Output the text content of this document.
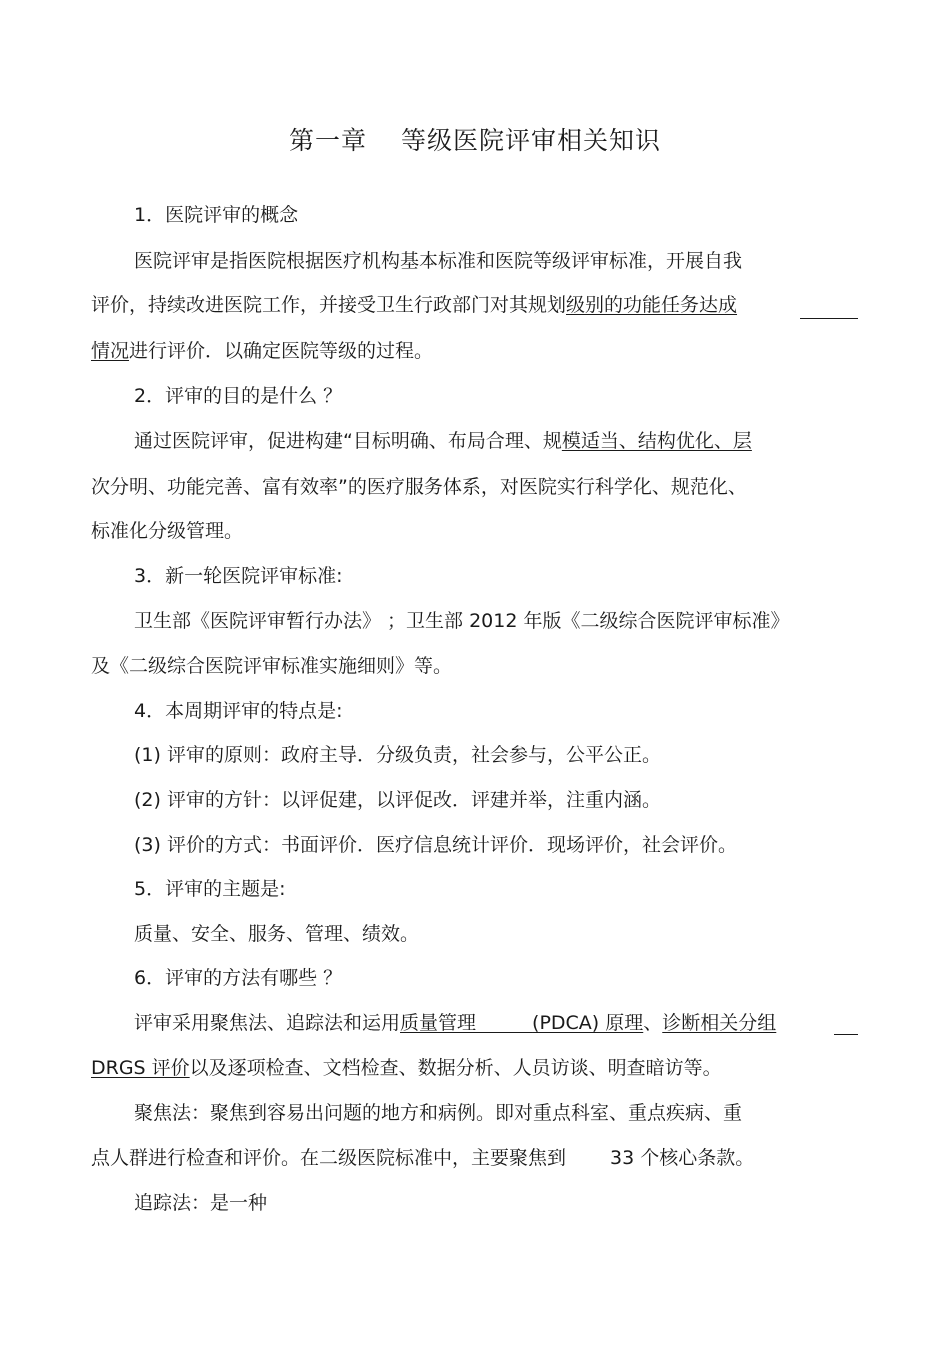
第一章 等级医院评审相关知识
1．医院评审的概念
医院评审是指医院根据医疗机构基本标准和医院等级评审标准，开展自我
评价，持续改进医院工作，并接受卫生行政部门对其规划级别的功能任务达成
情况进行评价．以确定医院等级的过程。
2．评审的目的是什么 ？
通过医院评审，促进构建“目标明确、布局合理、规模适当、结构优化、层
次分明、功能完善、富有效率”的医疗服务体系，对医院实行科学化、规范化、
标准化分级管理。
3．新一轮医院评审标准:
卫生部《医院评审暂行办法》 ；卫生部 2012 年版《二级综合医院评审标准》
及《二级综合医院评审标准实施细则》等。
4．本周期评审的特点是:
(1) 评审的原则：政府主导．分级负责，社会参与，公平公正。
(2) 评审的方针：以评促建，以评促改．评建并举，注重内涵。
(3) 评价的方式：书面评价．医疗信息统计评价．现场评价，社会评价。
5．评审的主题是:
质量、安全、服务、管理、绩效。
6．评审的方法有哪些 ？
评审采用聚焦法、追踪法和运用质量管理	(PDCA) 原理、诊断相关分组
DRGS 评价以及逐项检查、文档检查、数据分析、人员访谈、明查暗访等。
聚焦法：聚焦到容易出问题的地方和病例。即对重点科室、重点疾病、重
点人群进行检查和评价。在二级医院标准中，主要聚焦到 33 个核心条款。
追踪法：是一种
